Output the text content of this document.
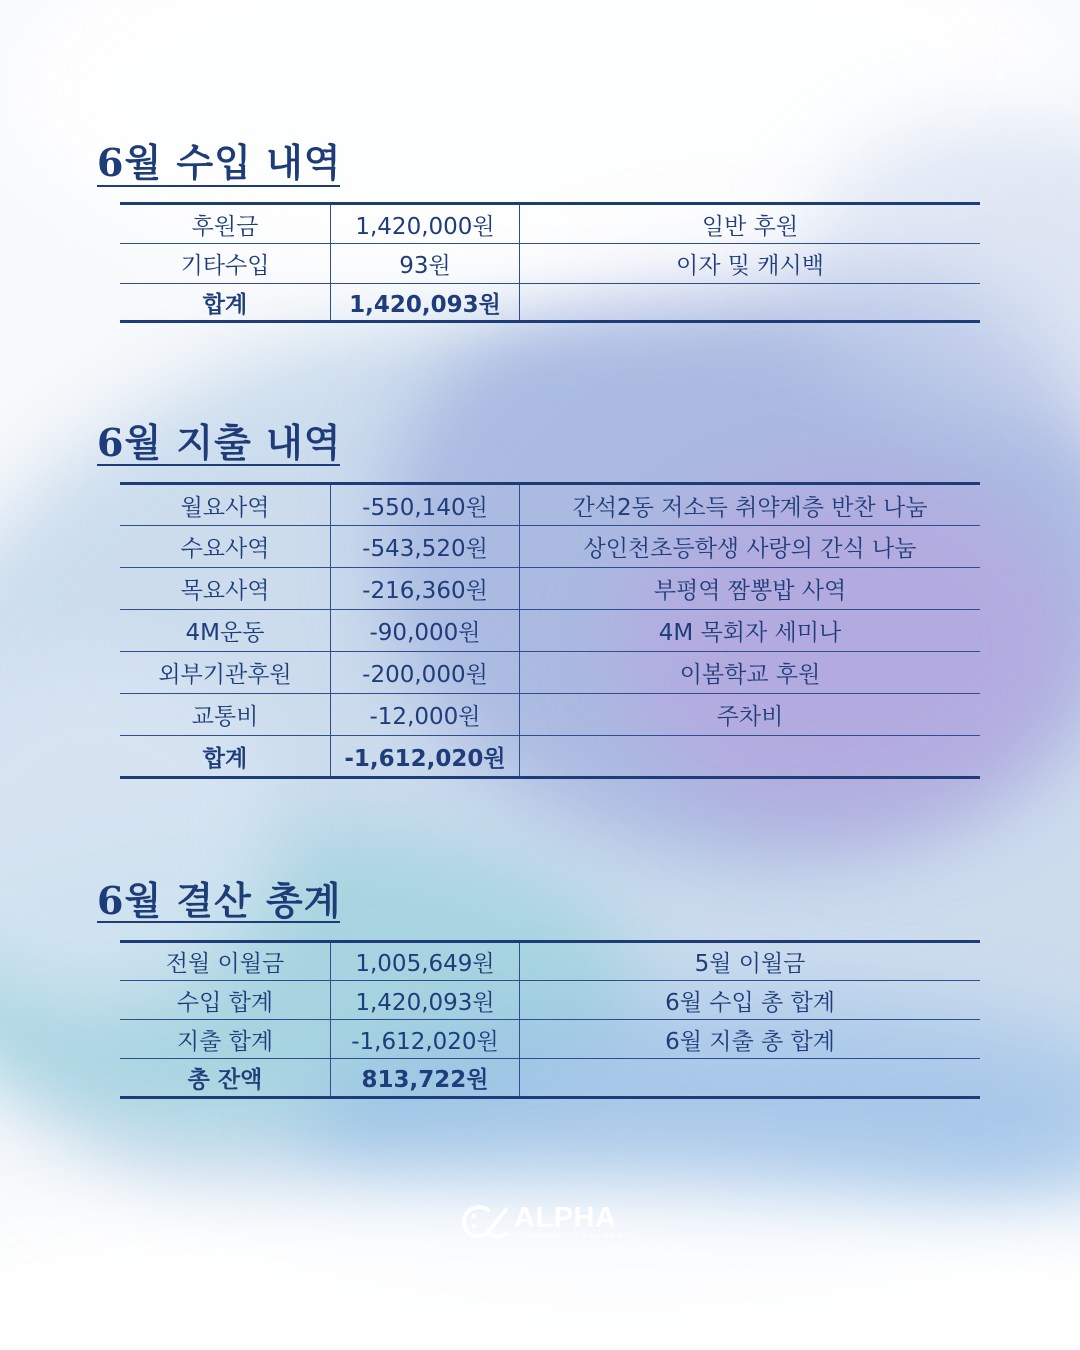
6월 수입 내역
후원금	1,420,000원	일반 후원
기타수입	93원	이자 및 캐시백
합계	1,420,093원	
6월 지출 내역
월요사역	-550,140원	간석2동 저소득 취약계층 반찬 나눔
수요사역	-543,520원	상인천초등학생 사랑의 간식 나눔
목요사역	-216,360원	부평역 짬뽕밥 사역
4M운동	-90,000원	4M 목회자 세미나
외부기관후원	-200,000원	이봄학교 후원
교통비	-12,000원	주차비
합계	-1,612,020원	
6월 결산 총계
전월 이월금	1,005,649원	5월 이월금
수입 합계	1,420,093원	6월 수입 총 합계
지출 합계	-1,612,020원	6월 지출 총 합계
총 잔액	813,722원	
ALPHA
COMMUNITY CHURCH
